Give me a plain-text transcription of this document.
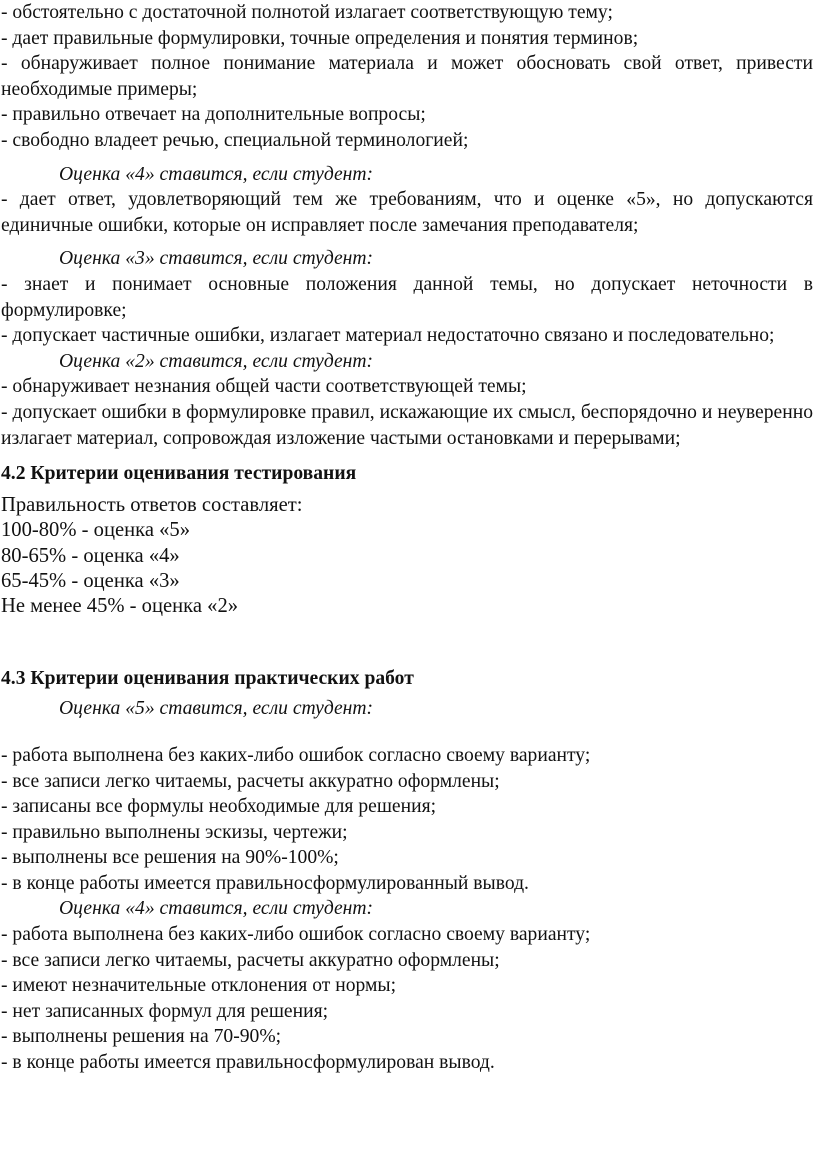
- обстоятельно с достаточной полнотой излагает соответствующую тему;

- дает правильные формулировки, точные определения и понятия терминов;

- обнаруживает полное понимание материала и может обосновать свой ответ, привести необходимые примеры;

- правильно отвечает на дополнительные вопросы;

- свободно владеет речью, специальной терминологией;

Оценка «4» ставится, если студент:

- дает ответ, удовлетворяющий тем же требованиям, что и оценке «5», но допускаются единичные ошибки, которые он исправляет после замечания преподавателя;

Оценка «3» ставится, если студент:

- знает и понимает основные положения данной темы, но допускает неточности в формулировке;

- допускает частичные ошибки, излагает материал недостаточно связано и последовательно;

Оценка «2» ставится, если студент:

- обнаруживает незнания общей части соответствующей темы;

- допускает ошибки в формулировке правил, искажающие их смысл, беспорядочно и неуверенно излагает материал, сопровождая изложение частыми остановками и перерывами;

4.2 Критерии оценивания тестирования

Правильность ответов составляет:

100-80% - оценка «5»

80-65% - оценка «4»

65-45% - оценка «3»

Не менее 45% - оценка «2»

4.3 Критерии оценивания практических работ

Оценка «5» ставится, если студент:

- работа выполнена без каких-либо ошибок согласно своему варианту;

- все записи легко читаемы, расчеты аккуратно оформлены;

- записаны все формулы необходимые для решения;

- правильно выполнены эскизы, чертежи;

- выполнены все решения на 90%-100%;

- в конце работы имеется правильносформулированный вывод.

Оценка «4» ставится, если студент:

- работа выполнена без каких-либо ошибок согласно своему варианту;

- все записи легко читаемы, расчеты аккуратно оформлены;

- имеют незначительные отклонения от нормы;

- нет записанных формул для решения;

- выполнены решения на 70-90%;

- в конце работы имеется правильносформулирован вывод.
